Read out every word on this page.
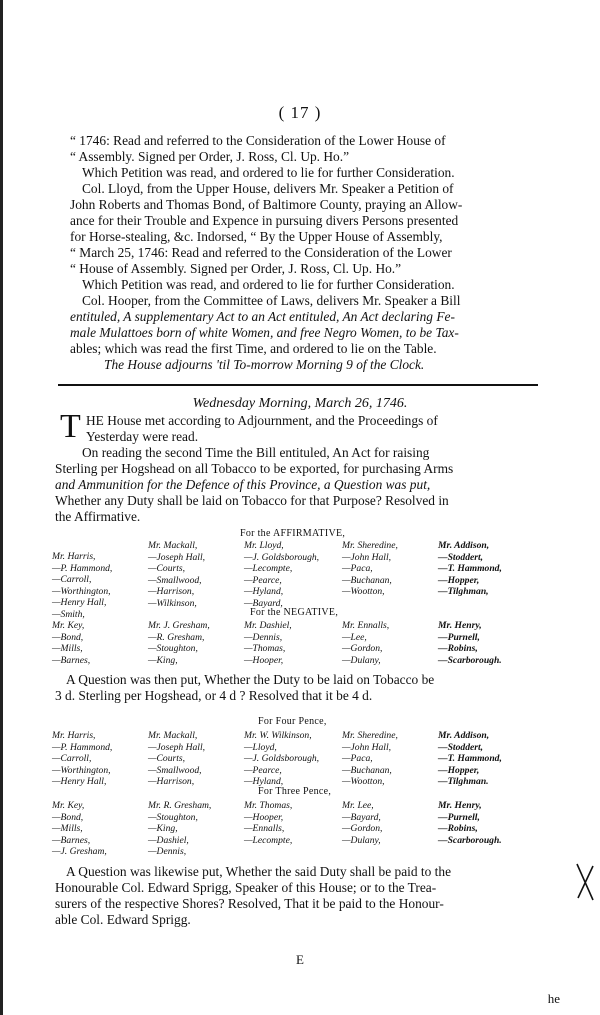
( 17 )
“ 1746: Read and referred to the Consideration of the Lower House of
“ Assembly. Signed per Order, J. Ross, Cl. Up. Ho.”
Which Petition was read, and ordered to lie for further Consideration.
Col. Lloyd, from the Upper House, delivers Mr. Speaker a Petition of
John Roberts and Thomas Bond, of Baltimore County, praying an Allow-
ance for their Trouble and Expence in pursuing divers Persons presented
for Horse-stealing, &c. Indorsed, “ By the Upper House of Assembly,
“ March 25, 1746: Read and referred to the Consideration of the Lower
“ House of Assembly. Signed per Order, J. Ross, Cl. Up. Ho.”
Which Petition was read, and ordered to lie for further Consideration.
Col. Hooper, from the Committee of Laws, delivers Mr. Speaker a Bill
entituled, A supplementary Act to an Act entituled, An Act declaring Fe-
male Mulattoes born of white Women, and free Negro Women, to be Tax-
ables; which was read the first Time, and ordered to lie on the Table.
The House adjourns 'til To-morrow Morning 9 of the Clock.
Wednesday Morning, March 26, 1746.
T HE House met according to Adjournment, and the Proceedings of
Yesterday were read.
On reading the second Time the Bill entituled, An Act for raising
Sterling per Hogshead on all Tobacco to be exported, for purchasing Arms
and Ammunition for the Defence of this Province, a Question was put,
Whether any Duty shall be laid on Tobacco for that Purpose? Resolved in
the Affirmative.
For the AFFIRMATIVE,
Mr. Harris,
—P. Hammond,
—Carroll,
—Worthington,
—Henry Hall,
—Smith,
Mr. Mackall,
—Joseph Hall,
—Courts,
—Smallwood,
—Harrison,
—Wilkinson,
Mr. Lloyd,
—J. Goldsborough,
—Lecompte,
—Pearce,
—Hyland,
—Bayard,
Mr. Sheredine,
—John Hall,
—Paca,
—Buchanan,
—Wootton,
Mr. Addison,
—Stoddert,
—T. Hammond,
—Hopper,
—Tilghman,
For the NEGATIVE,
Mr. Key,
—Bond,
—Mills,
—Barnes,
Mr. J. Gresham,
—R. Gresham,
—Stoughton,
—King,
Mr. Dashiel,
—Dennis,
—Thomas,
—Hooper,
Mr. Ennalls,
—Lee,
—Gordon,
—Dulany,
Mr. Henry,
—Purnell,
—Robins,
—Scarborough.
A Question was then put, Whether the Duty to be laid on Tobacco be
3 d. Sterling per Hogshead, or 4 d ? Resolved that it be 4 d.
For Four Pence,
Mr. Harris,
—P. Hammond,
—Carroll,
—Worthington,
—Henry Hall,
Mr. Mackall,
—Joseph Hall,
—Courts,
—Smallwood,
—Harrison,
Mr. W. Wilkinson,
—Lloyd,
—J. Goldsborough,
—Pearce,
—Hyland,
Mr. Sheredine,
—John Hall,
—Paca,
—Buchanan,
—Wootton,
Mr. Addison,
—Stoddert,
—T. Hammond,
—Hopper,
—Tilghman.
For Three Pence,
Mr. Key,
—Bond,
—Mills,
—Barnes,
—J. Gresham,
Mr. R. Gresham,
—Stoughton,
—King,
—Dashiel,
—Dennis,
Mr. Thomas,
—Hooper,
—Ennalls,
—Lecompte,
Mr. Lee,
—Bayard,
—Gordon,
—Dulany,
Mr. Henry,
—Purnell,
—Robins,
—Scarborough.
A Question was likewise put, Whether the said Duty shall be paid to the
Honourable Col. Edward Sprigg, Speaker of this House; or to the Trea-
surers of the respective Shores? Resolved, That it be paid to the Honour-
able Col. Edward Sprigg.
E
he
